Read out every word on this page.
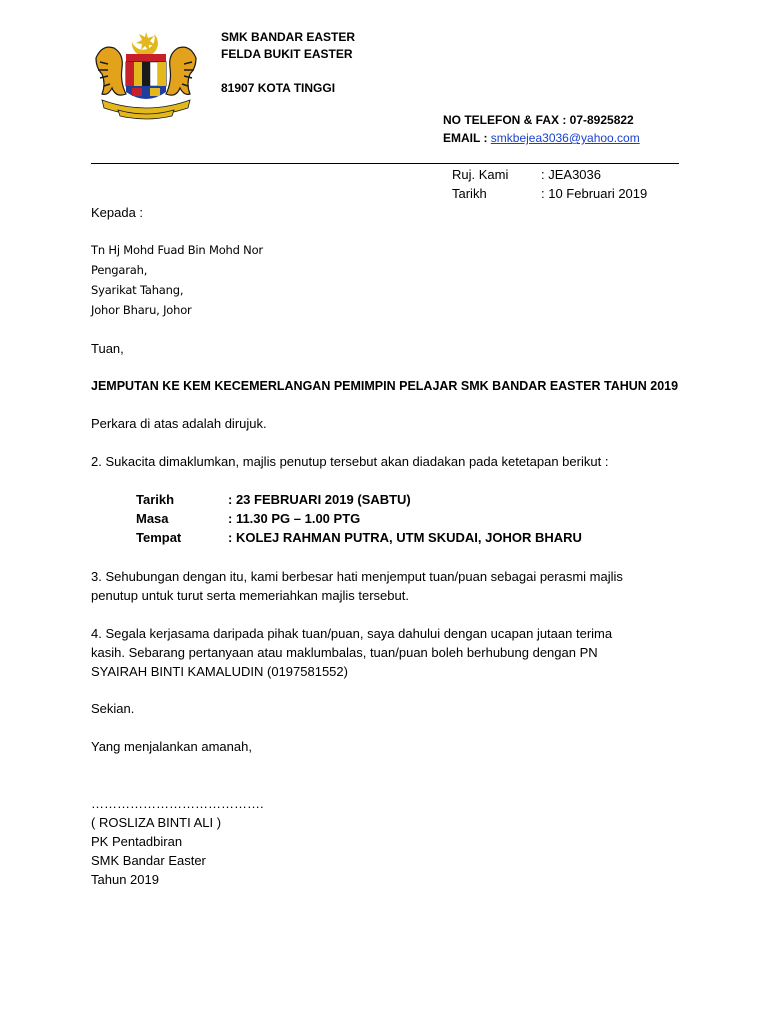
SMK BANDAR EASTER
FELDA BUKIT EASTER
81907 KOTA TINGGI
NO TELEFON & FAX : 07-8925822
EMAIL : smkbejea3036@yahoo.com
Ruj. Kami	: JEA3036
Tarikh	: 10 Februari 2019
Kepada :
Tn Hj Mohd Fuad Bin Mohd Nor
Pengarah,
Syarikat Tahang,
Johor Bharu, Johor
Tuan,
JEMPUTAN KE KEM KECEMERLANGAN PEMIMPIN PELAJAR SMK BANDAR EASTER TAHUN 2019
Perkara di atas adalah dirujuk.
2. Sukacita dimaklumkan, majlis penutup tersebut akan diadakan pada ketetapan berikut :
Tarikh	: 23 FEBRUARI 2019 (SABTU)
Masa	: 11.30 PG – 1.00 PTG
Tempat	: KOLEJ RAHMAN PUTRA, UTM SKUDAI, JOHOR BHARU
3. Sehubungan dengan itu, kami berbesar hati menjemput tuan/puan sebagai perasmi majlis
penutup untuk turut serta memeriahkan majlis tersebut.
4. Segala kerjasama daripada pihak tuan/puan, saya dahului dengan ucapan jutaan terima
kasih. Sebarang pertanyaan atau maklumbalas, tuan/puan boleh berhubung dengan PN
SYAIRAH BINTI KAMALUDIN (0197581552)
Sekian.
Yang menjalankan amanah,
………………………………….
( ROSLIZA BINTI ALI )
PK Pentadbiran
SMK Bandar Easter
Tahun 2019
